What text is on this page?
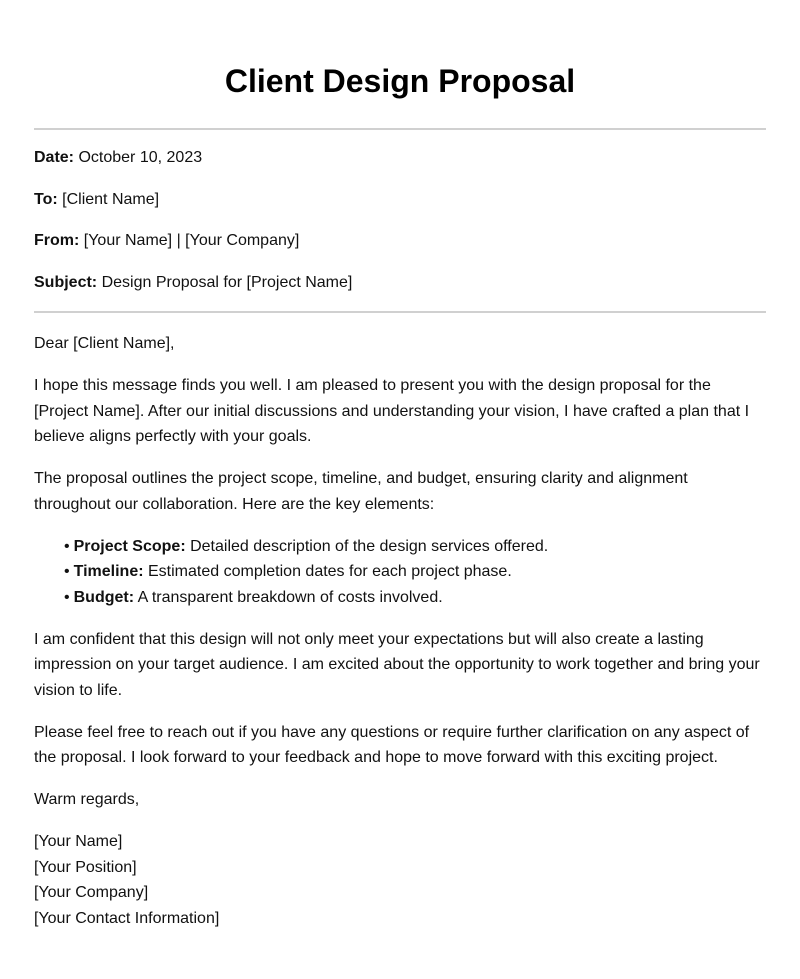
Client Design Proposal
Date: October 10, 2023
To: [Client Name]
From: [Your Name] | [Your Company]
Subject: Design Proposal for [Project Name]

Dear [Client Name],

I hope this message finds you well. I am pleased to present you with the design proposal for the [Project Name]. After our initial discussions and understanding your vision, I have crafted a plan that I believe aligns perfectly with your goals.

The proposal outlines the project scope, timeline, and budget, ensuring clarity and alignment throughout our collaboration. Here are the key elements:

• Project Scope: Detailed description of the design services offered.
• Timeline: Estimated completion dates for each project phase.
• Budget: A transparent breakdown of costs involved.

I am confident that this design will not only meet your expectations but will also create a lasting impression on your target audience. I am excited about the opportunity to work together and bring your vision to life.

Please feel free to reach out if you have any questions or require further clarification on any aspect of the proposal. I look forward to your feedback and hope to move forward with this exciting project.

Warm regards,

[Your Name]
[Your Position]
[Your Company]
[Your Contact Information]
